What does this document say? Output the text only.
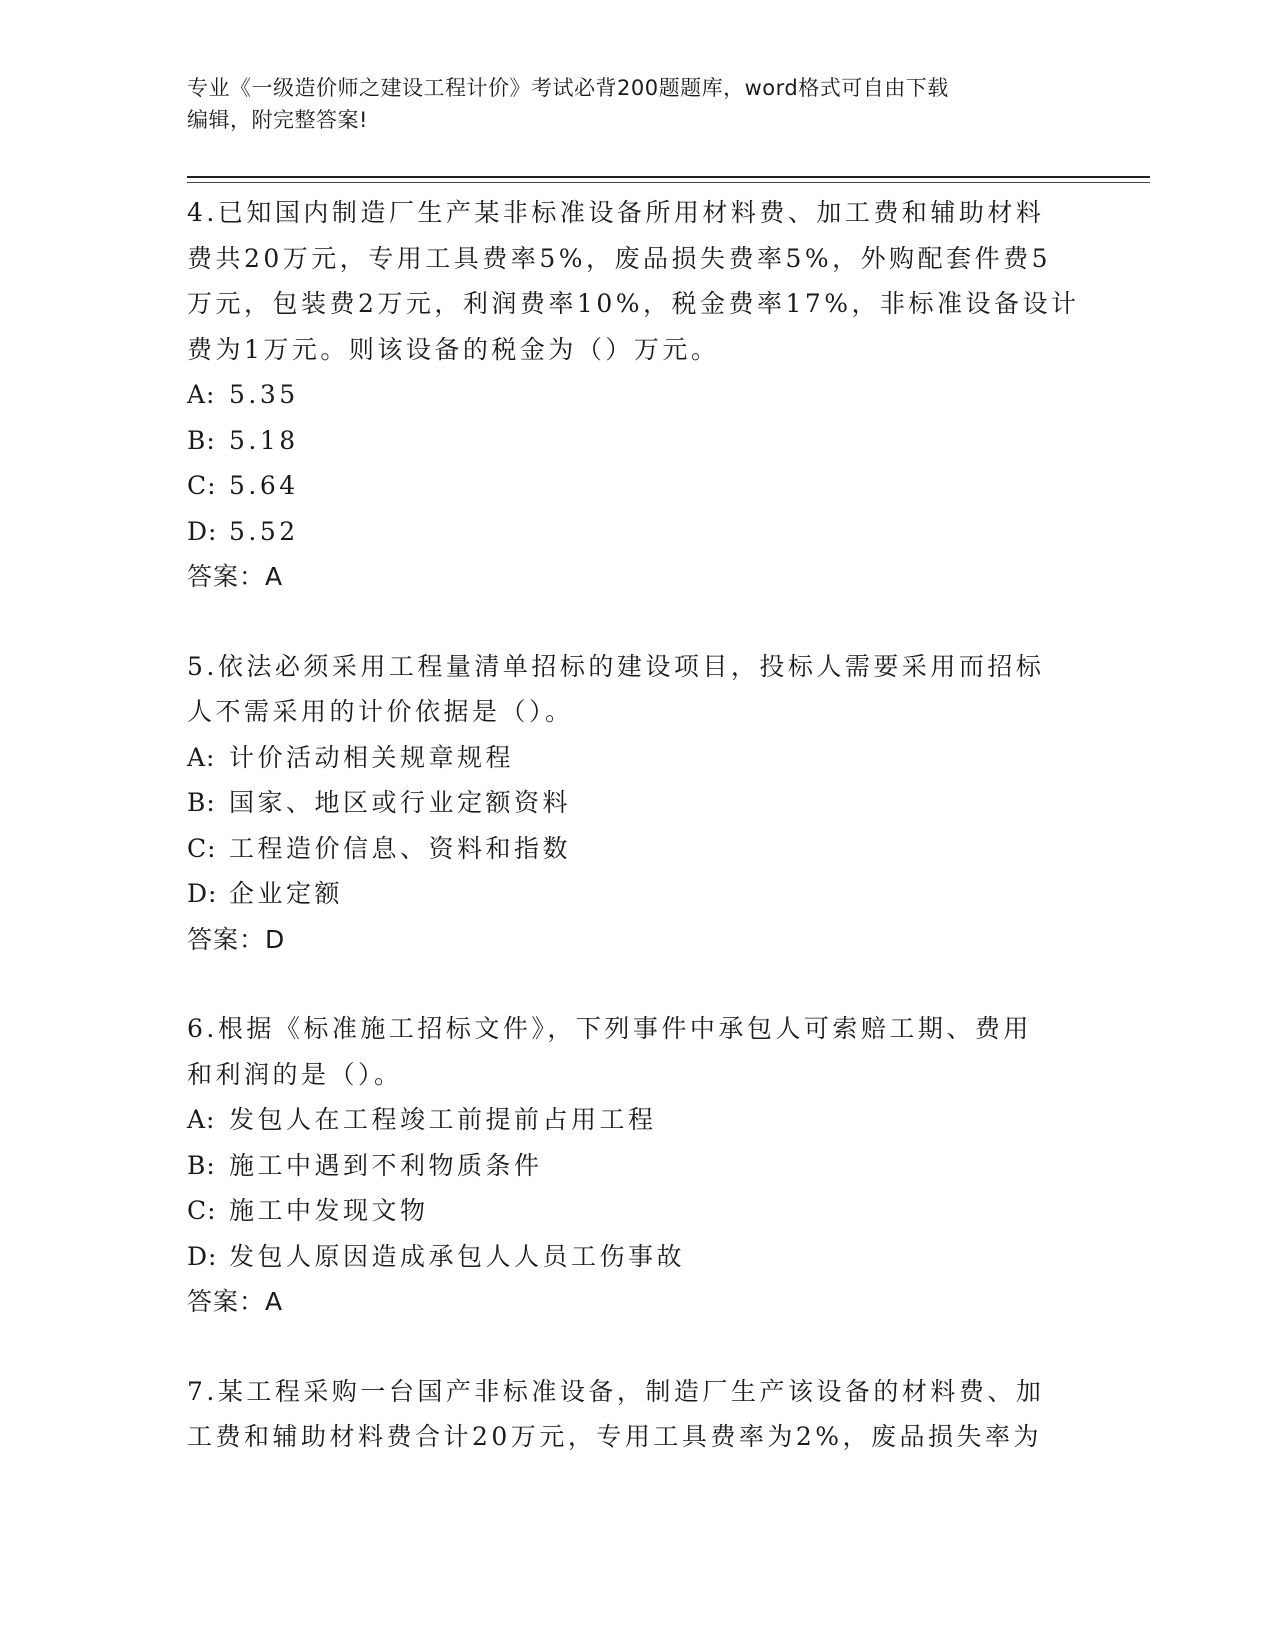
专业《一级造价师之建设工程计价》考试必背200题题库，word格式可自由下载
编辑，附完整答案!
4.已知国内制造厂生产某非标准设备所用材料费、加工费和辅助材料
费共20万元，专用工具费率5%，废品损失费率5%，外购配套件费5
万元，包装费2万元，利润费率10%，税金费率17%，非标准设备设计
费为1万元。则该设备的税金为（）万元。
A: 5.35
B: 5.18
C: 5.64
D: 5.52
答案：A
5.依法必须采用工程量清单招标的建设项目，投标人需要采用而招标
人不需采用的计价依据是（）。
A: 计价活动相关规章规程
B: 国家、地区或行业定额资料
C: 工程造价信息、资料和指数
D: 企业定额
答案：D
6.根据《标准施工招标文件》，下列事件中承包人可索赔工期、费用
和利润的是（）。
A: 发包人在工程竣工前提前占用工程
B: 施工中遇到不利物质条件
C: 施工中发现文物
D: 发包人原因造成承包人人员工伤事故
答案：A
7.某工程采购一台国产非标准设备，制造厂生产该设备的材料费、加
工费和辅助材料费合计20万元，专用工具费率为2%，废品损失率为
